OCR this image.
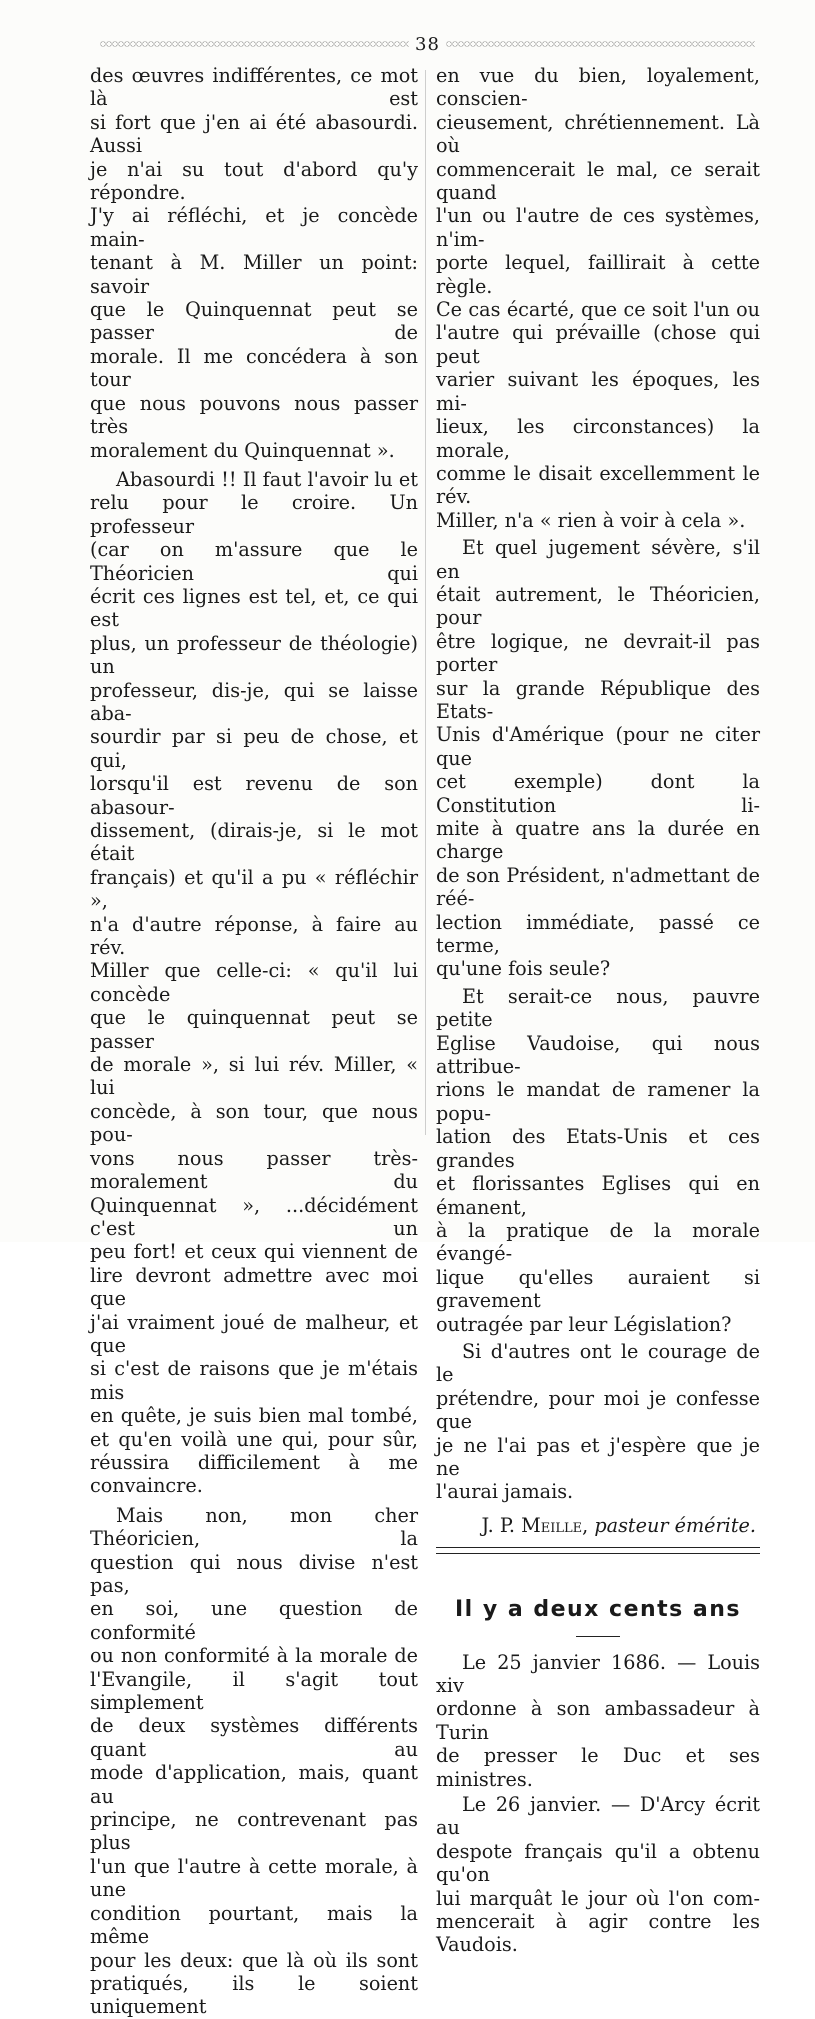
38

des œuvres indifférentes, ce mot là est

si fort que j'en ai été abasourdi. Aussi

je n'ai su tout d'abord qu'y répondre.

J'y ai réfléchi, et je concède main-

tenant à M. Miller un point: savoir

que le Quinquennat peut se passer de

morale. Il me concédera à son tour

que nous pouvons nous passer très

moralement du Quinquennat ».

Abasourdi !! Il faut l'avoir lu et

relu pour le croire. Un professeur

(car on m'assure que le Théoricien qui

écrit ces lignes est tel, et, ce qui est

plus, un professeur de théologie) un

professeur, dis-je, qui se laisse aba-

sourdir par si peu de chose, et qui,

lorsqu'il est revenu de son abasour-

dissement, (dirais-je, si le mot était

français) et qu'il a pu « réfléchir »,

n'a d'autre réponse, à faire au rév.

Miller que celle-ci: « qu'il lui concède

que le quinquennat peut se passer

de morale », si lui rév. Miller, « lui

concède, à son tour, que nous pou-

vons nous passer très-moralement du

Quinquennat », ...décidément c'est un

peu fort! et ceux qui viennent de

lire devront admettre avec moi que

j'ai vraiment joué de malheur, et que

si c'est de raisons que je m'étais mis

en quête, je suis bien mal tombé,

et qu'en voilà une qui, pour sûr,

réussira difficilement à me convaincre.

Mais non, mon cher Théoricien, la

question qui nous divise n'est pas,

en soi, une question de conformité

ou non conformité à la morale de

l'Evangile, il s'agit tout simplement

de deux systèmes différents quant au

mode d'application, mais, quant au

principe, ne contrevenant pas plus

l'un que l'autre à cette morale, à une

condition pourtant, mais la même

pour les deux: que là où ils sont

pratiqués, ils le soient uniquement

en vue du bien, loyalement, conscien-

cieusement, chrétiennement. Là où

commencerait le mal, ce serait quand

l'un ou l'autre de ces systèmes, n'im-

porte lequel, faillirait à cette règle.

Ce cas écarté, que ce soit l'un ou

l'autre qui prévaille (chose qui peut

varier suivant les époques, les mi-

lieux, les circonstances) la morale,

comme le disait excellemment le rév.

Miller, n'a « rien à voir à cela ».

Et quel jugement sévère, s'il en

était autrement, le Théoricien, pour

être logique, ne devrait-il pas porter

sur la grande République des Etats-

Unis d'Amérique (pour ne citer que

cet exemple) dont la Constitution li-

mite à quatre ans la durée en charge

de son Président, n'admettant de réé-

lection immédiate, passé ce terme,

qu'une fois seule?

Et serait-ce nous, pauvre petite

Eglise Vaudoise, qui nous attribue-

rions le mandat de ramener la popu-

lation des Etats-Unis et ces grandes

et florissantes Eglises qui en émanent,

à la pratique de la morale évangé-

lique qu'elles auraient si gravement

outragée par leur Législation?

Si d'autres ont le courage de le

prétendre, pour moi je confesse que

je ne l'ai pas et j'espère que je ne

l'aurai jamais.

J. P. Meille, pasteur émérite.

Il y a deux cents ans

Le 25 janvier 1686. — Louis xiv

ordonne à son ambassadeur à Turin

de presser le Duc et ses ministres.

Le 26 janvier. — D'Arcy écrit au

despote français qu'il a obtenu qu'on

lui marquât le jour où l'on com-

mencerait à agir contre les Vaudois.
